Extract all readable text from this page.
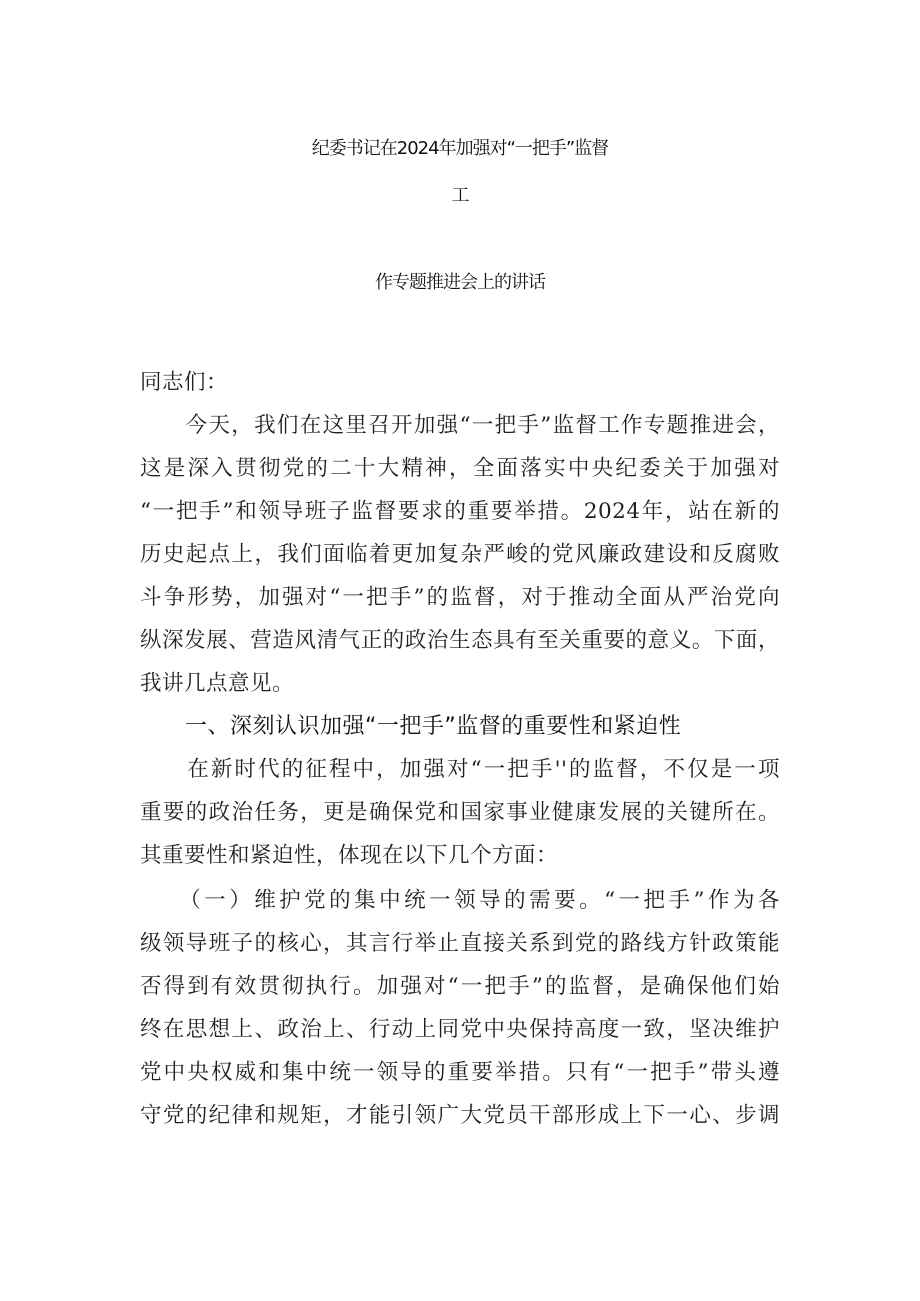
纪委书记在2024年加强对“一把手”监督
工
作专题推进会上的讲话
同志们：
　　今天，我们在这里召开加强“一把手”监督工作专题推进会，
这是深入贯彻党的二十大精神，全面落实中央纪委关于加强对
“一把手”和领导班子监督要求的重要举措。2024年，站在新的
历史起点上，我们面临着更加复杂严峻的党风廉政建设和反腐败
斗争形势，加强对“一把手”的监督，对于推动全面从严治党向
纵深发展、营造风清气正的政治生态具有至关重要的意义。下面，
我讲几点意见。
　　一、深刻认识加强“一把手”监督的重要性和紧迫性
　　在新时代的征程中，加强对“一把手''的监督，不仅是一项
重要的政治任务，更是确保党和国家事业健康发展的关键所在。
其重要性和紧迫性，体现在以下几个方面：
　　（一）维护党的集中统一领导的需要。“一把手”作为各
级领导班子的核心，其言行举止直接关系到党的路线方针政策能
否得到有效贯彻执行。加强对“一把手”的监督，是确保他们始
终在思想上、政治上、行动上同党中央保持高度一致，坚决维护
党中央权威和集中统一领导的重要举措。只有“一把手”带头遵
守党的纪律和规矩，才能引领广大党员干部形成上下一心、步调
